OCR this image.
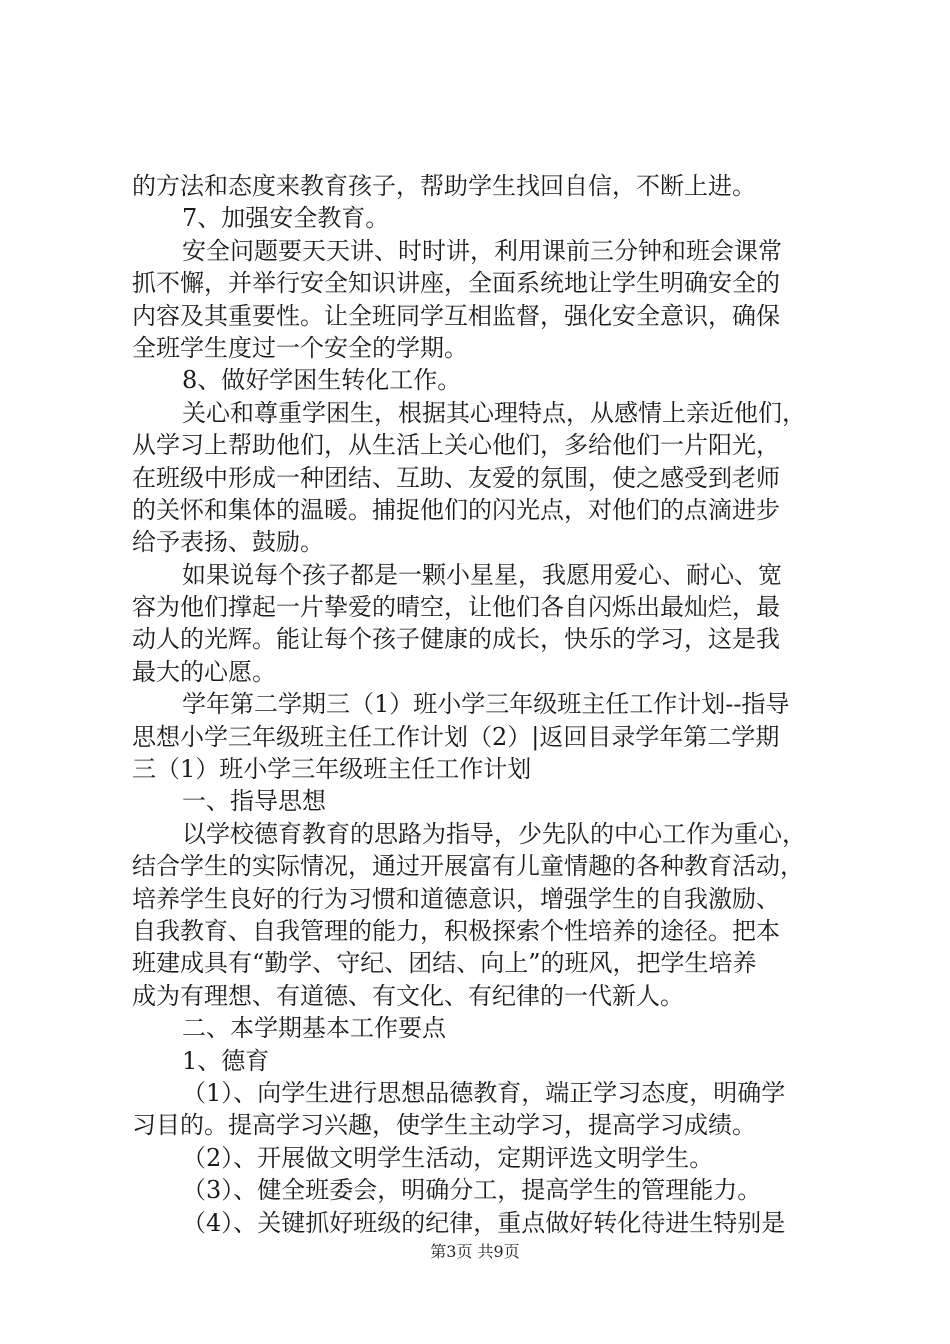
的方法和态度来教育孩子，帮助学生找回自信，不断上进。
7、加强安全教育。
安全问题要天天讲、时时讲，利用课前三分钟和班会课常
抓不懈，并举行安全知识讲座，全面系统地让学生明确安全的
内容及其重要性。让全班同学互相监督，强化安全意识，确保
全班学生度过一个安全的学期。
8、做好学困生转化工作。
关心和尊重学困生，根据其心理特点，从感情上亲近他们，
从学习上帮助他们，从生活上关心他们，多给他们一片阳光，
在班级中形成一种团结、互助、友爱的氛围，使之感受到老师
的关怀和集体的温暖。捕捉他们的闪光点，对他们的点滴进步
给予表扬、鼓励。
如果说每个孩子都是一颗小星星，我愿用爱心、耐心、宽
容为他们撑起一片挚爱的晴空，让他们各自闪烁出最灿烂，最
动人的光辉。能让每个孩子健康的成长，快乐的学习，这是我
最大的心愿。
学年第二学期三（1）班小学三年级班主任工作计划--指导
思想小学三年级班主任工作计划（2）|返回目录学年第二学期
三（1）班小学三年级班主任工作计划
一、指导思想
以学校德育教育的思路为指导，少先队的中心工作为重心，
结合学生的实际情况，通过开展富有儿童情趣的各种教育活动，
培养学生良好的行为习惯和道德意识，增强学生的自我激励、
自我教育、自我管理的能力，积极探索个性培养的途径。把本
班建成具有“勤学、守纪、团结、向上”的班风，把学生培养
成为有理想、有道德、有文化、有纪律的一代新人。
二、本学期基本工作要点
1、德育
（1）、向学生进行思想品德教育，端正学习态度，明确学
习目的。提高学习兴趣，使学生主动学习，提高学习成绩。
（2）、开展做文明学生活动，定期评选文明学生。
（3）、健全班委会，明确分工，提高学生的管理能力。
（4）、关键抓好班级的纪律，重点做好转化待进生特别是
第3页 共9页
